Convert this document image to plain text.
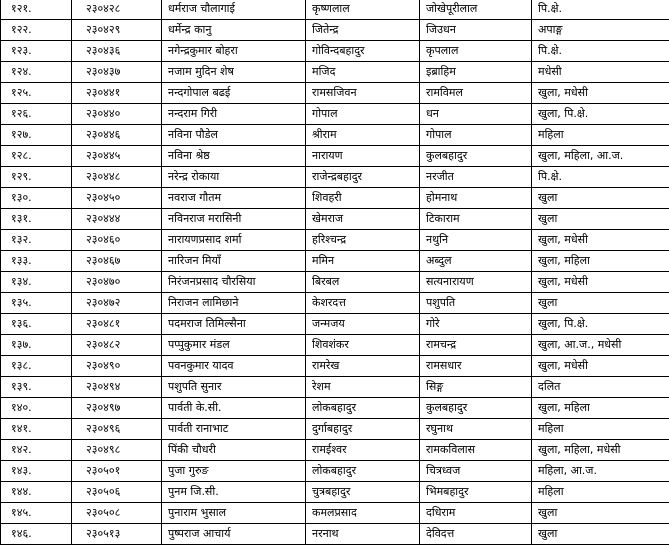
१२१.	२३०४२८	धर्मराज चौलागाई	कृष्णलाल	जोखेपूरीलाल	पि.क्षे.
१२२.	२३०४२९	धर्मेन्द्र कानु	जितेन्द्र	जिउधन	अपाङ्ग
१२३.	२३०४३६	नगेन्द्रकुमार बोहरा	गोविन्दबहादुर	कृपलाल	पि.क्षे.
१२४.	२३०४३७	नजाम मुदिन शेष	मजिद	इब्राहिम	मधेसी
१२५.	२३०४४१	नन्दगोपाल बढई	रामसजिवन	रामविमल	खुला, मधेसी
१२६.	२३०४४०	नन्दराम गिरी	गोपाल	धन	खुला, पि.क्षे.
१२७.	२३०४४६	नविना पौडेल	श्रीराम	गोपाल	महिला
१२८.	२३०४४५	नविना श्रेष्ठ	नारायण	कुलबहादुर	खुला, महिला, आ.ज.
१२९.	२३०४४८	नरेन्द्र रोकाया	राजेन्द्रबहादुर	नरजीत	पि.क्षे.
१३०.	२३०४५०	नवराज गौतम	शिवहरी	होमनाथ	खुला
१३१.	२३०४४४	नविनराज मरासिनी	खेमराज	टिकाराम	खुला
१३२.	२३०४६०	नारायणप्रसाद शर्मा	हरिश्चन्द्र	नथुनि	खुला, मधेसी
१३३.	२३०४६७	नारिजन मियाँ	ममिन	अब्दुल	खुला, महिला
१३४.	२३०४७०	निरंजनप्रसाद चौरसिया	बिरबल	सत्यनारायण	खुला, मधेसी
१३५.	२३०४७२	निराजन लामिछाने	केशरदत्त	पशुपति	खुला
१३६.	२३०४८१	पदमराज तिमिल्सैना	जन्मजय	गोरे	खुला, पि.क्षे.
१३७.	२३०४८२	पप्पुकुमार मंडल	शिवशंकर	रामचन्द्र	खुला, आ.ज., मधेसी
१३८.	२३०४९०	पवनकुमार यादव	रामरेख	रामसधार	खुला, मधेसी
१३९.	२३०४९४	पशुपति सुनार	रेशम	सिङ्ग	दलित
१४०.	२३०४९७	पार्वती के.सी.	लोकबहादुर	कुलबहादुर	खुला, महिला
१४१.	२३०४९६	पार्वती रानाभाट	दुर्गाबहादुर	रघुनाथ	महिला
१४२.	२३०४९८	पिंकी चौधरी	रामईश्वर	रामकविलास	खुला, महिला, मधेसी
१४३.	२३०५०१	पुजा गुरुङ	लोकबहादुर	चित्रध्वज	महिला, आ.ज.
१४४.	२३०५०६	पुनम जि.सी.	चुत्रबहादुर	भिमबहादुर	महिला
१४५.	२३०५०८	पुनाराम भुसाल	कमलप्रसाद	दधिराम	खुला
१४६.	२३०५१३	पुष्पराज आचार्य	नरनाथ	देविदत्त	खुला
